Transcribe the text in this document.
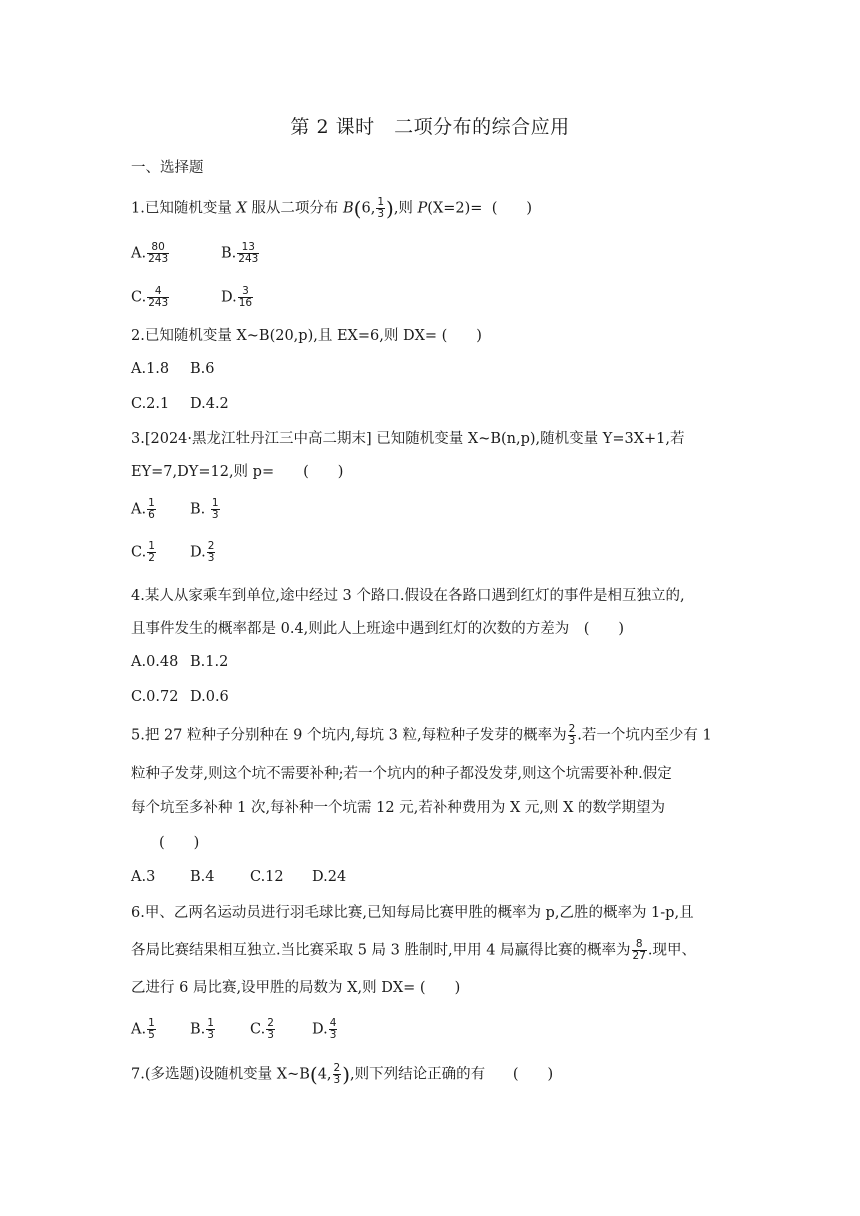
第 2 课时　二项分布的综合应用
一、选择题
1.已知随机变量 X 服从二项分布 B(6, $\frac{1}{3}$ ),则 P(X=2)= (　　)
A. $\frac{80}{243}$	B. $\frac{13}{243}$
C. $\frac{4}{243}$	D. $\frac{3}{16}$
2.已知随机变量 X~B(20,p),且 EX=6,则 DX= (　　)
A.1.8 B.6
C.2.1 D.4.2
3.[2024·黑龙江牡丹江三中高二期末] 已知随机变量 X~B(n,p),随机变量 Y=3X+1,若
EY=7,DY=12,则 p=　　(　　)
A. $\frac{1}{6} B$. $\frac{1}{3}$
C. $\frac{1}{2} D$. $\frac{2}{3}$
4.某人从家乘车到单位,途中经过 3 个路口.假设在各路口遇到红灯的事件是相互独立的,
且事件发生的概率都是 0.4,则此人上班途中遇到红灯的次数的方差为　(　　)
A.0.48 B.1.2
C.0.72 D.0.6
5.把 27 粒种子分别种在 9 个坑内,每坑 3 粒,每粒种子发芽的概率为 $\frac{2}{3}$ .若一个坑内至少有 1
粒种子发芽,则这个坑不需要补种;若一个坑内的种子都没发芽,则这个坑需要补种.假定
每个坑至多补种 1 次,每补种一个坑需 12 元,若补种费用为 X 元,则 X 的数学期望为
(　　)
A.3 B.4 C.12 D.24
6.甲、乙两名运动员进行羽毛球比赛,已知每局比赛甲胜的概率为 p,乙胜的概率为 1-p,且
各局比赛结果相互独立.当比赛采取 5 局 3 胜制时,甲用 4 局赢得比赛的概率为 $\frac{8}{27}$ .现甲、
乙进行 6 局比赛,设甲胜的局数为 X,则 DX= (　　)
A. $\frac{1}{5} B$. $\frac{1}{3} C$. $\frac{2}{3}$	D. $\frac{4}{3}$
7.(多选题)设随机变量 X~B(4, $\frac{2}{3}$ ),则下列结论正确的有 (　　)
